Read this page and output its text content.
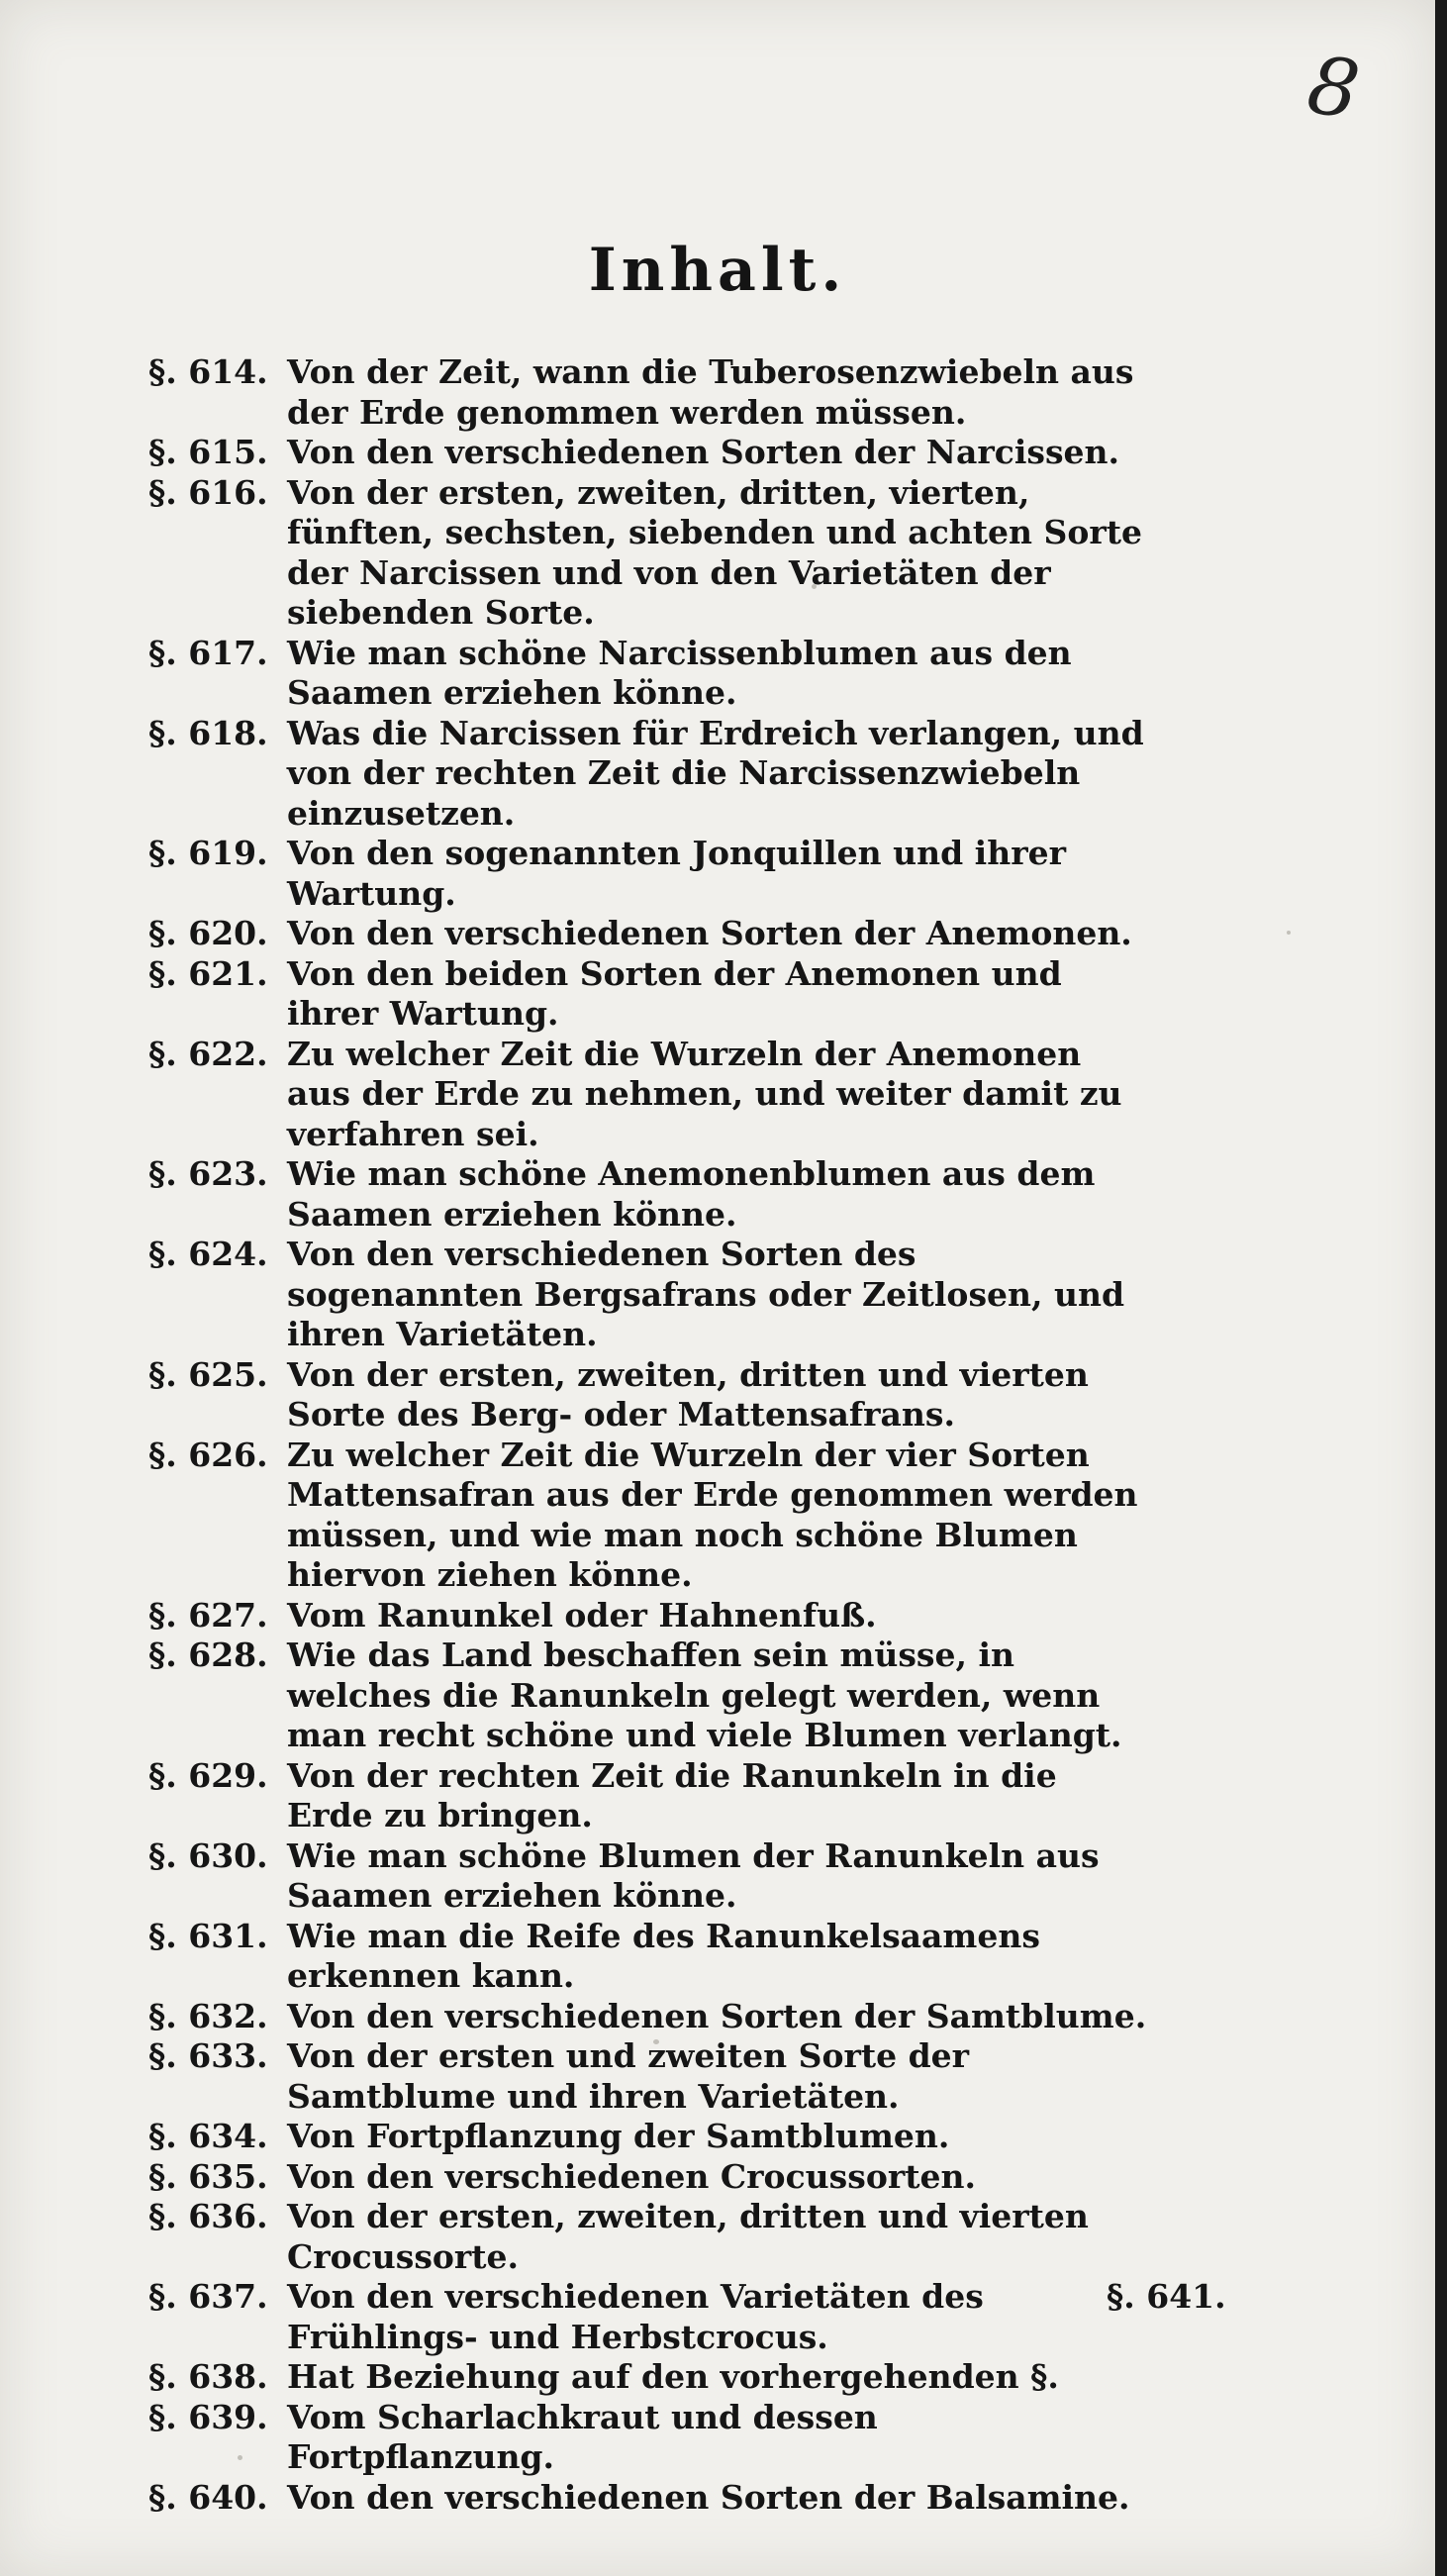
8
Inhalt.
§. 614. Von der Zeit, wann die Tuberosenzwiebeln aus der Erde genommen werden müssen.
§. 615. Von den verschiedenen Sorten der Narcissen.
§. 616. Von der ersten, zweiten, dritten, vierten, fünften, sechsten, siebenden und achten Sorte der Narcissen und von den Varietäten der siebenden Sorte.
§. 617. Wie man schöne Narcissenblumen aus den Saamen erziehen könne.
§. 618. Was die Narcissen für Erdreich verlangen, und von der rechten Zeit die Narcissenzwiebeln einzusetzen.
§. 619. Von den sogenannten Jonquillen und ihrer Wartung.
§. 620. Von den verschiedenen Sorten der Anemonen.
§. 621. Von den beiden Sorten der Anemonen und ihrer Wartung.
§. 622. Zu welcher Zeit die Wurzeln der Anemonen aus der Erde zu nehmen, und weiter damit zu verfahren sei.
§. 623. Wie man schöne Anemonenblumen aus dem Saamen erziehen könne.
§. 624. Von den verschiedenen Sorten des sogenannten Bergsafrans oder Zeitlosen, und ihren Varietäten.
§. 625. Von der ersten, zweiten, dritten und vierten Sorte des Berg- oder Mattensafrans.
§. 626. Zu welcher Zeit die Wurzeln der vier Sorten Mattensafran aus der Erde genommen werden müssen, und wie man noch schöne Blumen hiervon ziehen könne.
§. 627. Vom Ranunkel oder Hahnenfuß.
§. 628. Wie das Land beschaffen sein müsse, in welches die Ranunkeln gelegt werden, wenn man recht schöne und viele Blumen verlangt.
§. 629. Von der rechten Zeit die Ranunkeln in die Erde zu bringen.
§. 630. Wie man schöne Blumen der Ranunkeln aus Saamen erziehen könne.
§. 631. Wie man die Reife des Ranunkelsaamens erkennen kann.
§. 632. Von den verschiedenen Sorten der Samtblume.
§. 633. Von der ersten und zweiten Sorte der Samtblume und ihren Varietäten.
§. 634. Von Fortpflanzung der Samtblumen.
§. 635. Von den verschiedenen Crocussorten.
§. 636. Von der ersten, zweiten, dritten und vierten Crocussorte.
§. 637. Von den verschiedenen Varietäten des Frühlings- und Herbstcrocus.
§. 638. Hat Beziehung auf den vorhergehenden §.
§. 639. Vom Scharlachkraut und dessen Fortpflanzung.
§. 640. Von den verschiedenen Sorten der Balsamine.
§. 641.
